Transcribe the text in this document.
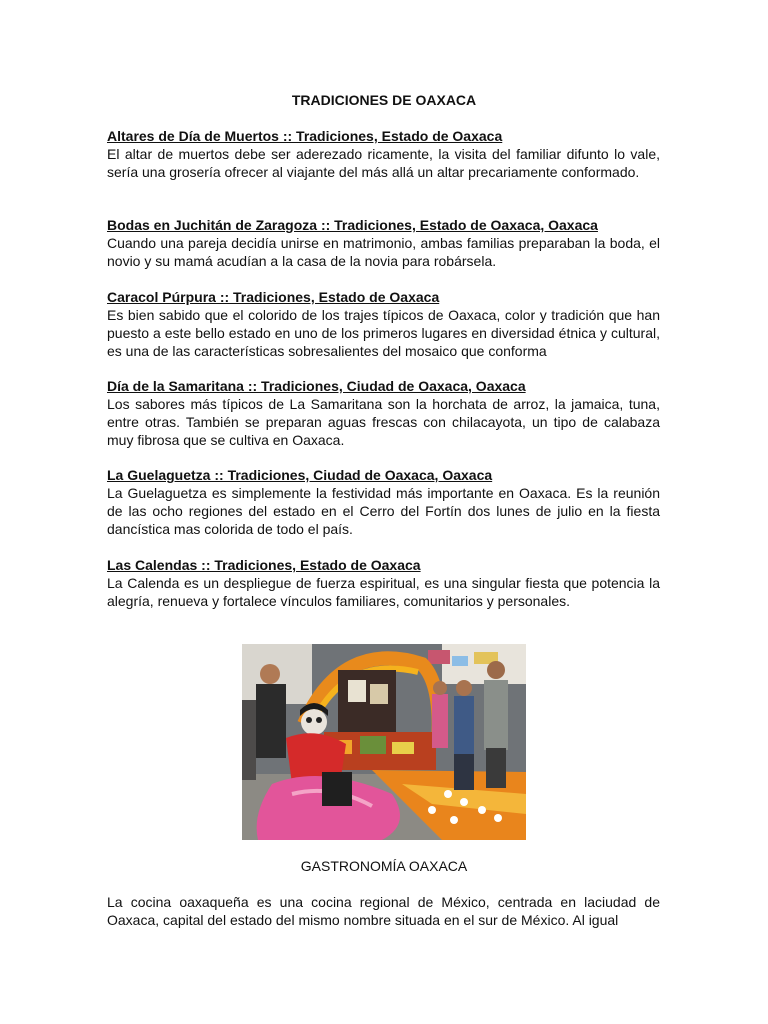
TRADICIONES DE OAXACA
Altares de Día de Muertos :: Tradiciones, Estado de Oaxaca

El altar de muertos debe ser aderezado ricamente, la visita del familiar difunto lo vale, sería una grosería ofrecer al viajante del más allá un altar precariamente conformado.

Bodas en Juchitán de Zaragoza :: Tradiciones, Estado de Oaxaca, Oaxaca

Cuando una pareja decidía unirse en matrimonio, ambas familias preparaban la boda, el novio y su mamá acudían a la casa de la novia para robársela.

Caracol Púrpura :: Tradiciones, Estado de Oaxaca

Es bien sabido que el colorido de los trajes típicos de Oaxaca, color y tradición que han puesto a este bello estado en uno de los primeros lugares en diversidad étnica y cultural, es una de las características sobresalientes del mosaico que conforma

Día de la Samaritana :: Tradiciones, Ciudad de Oaxaca, Oaxaca

Los sabores más típicos de La Samaritana son la horchata de arroz, la jamaica, tuna, entre otras. También se preparan aguas frescas con chilacayota, un tipo de calabaza muy fibrosa que se cultiva en Oaxaca.

La Guelaguetza :: Tradiciones, Ciudad de Oaxaca, Oaxaca

La Guelaguetza es simplemente la festividad más importante en Oaxaca. Es la reunión de las ocho regiones del estado en el Cerro del Fortín dos lunes de julio en la fiesta dancística mas colorida de todo el país.

Las Calendas :: Tradiciones, Estado de Oaxaca

La Calenda es un despliegue de fuerza espiritual, es una singular fiesta que potencia la alegría, renueva y fortalece vínculos familiares, comunitarios y personales.

GASTRONOMÍA OAXACA

La cocina oaxaqueña es una cocina regional de México, centrada en laciudad de Oaxaca, capital del estado del mismo nombre situada en el sur de México. Al igual
